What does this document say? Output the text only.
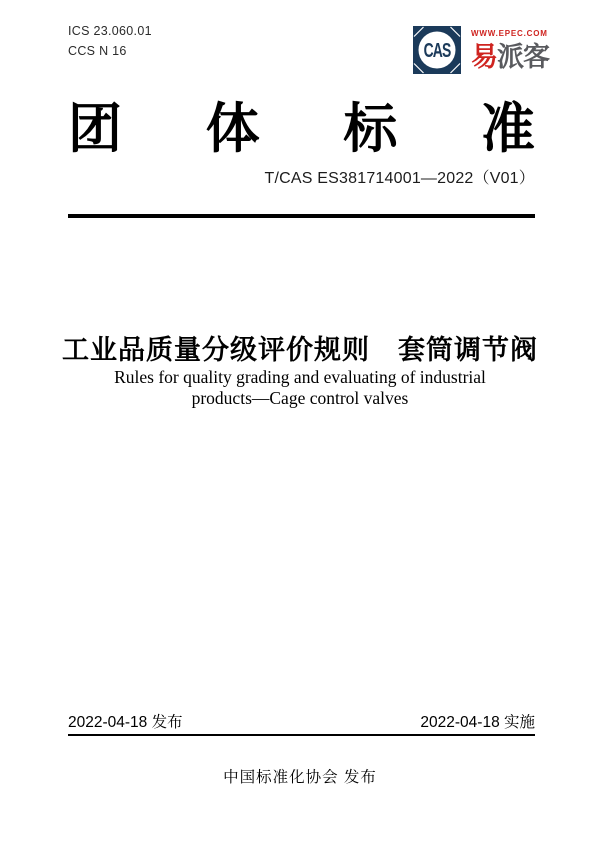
ICS 23.060.01
CCS N 16	CAS
WWW.EPEC.COM
易派客
团 体 标 准
T/CAS ES381714001—2022（V01）
工业品质量分级评价规则　套筒调节阀
Rules for quality grading and evaluating of industrial
products—Cage control valves
2022-04-18 发布	2022-04-18 实施
中国标准化协会 发布
